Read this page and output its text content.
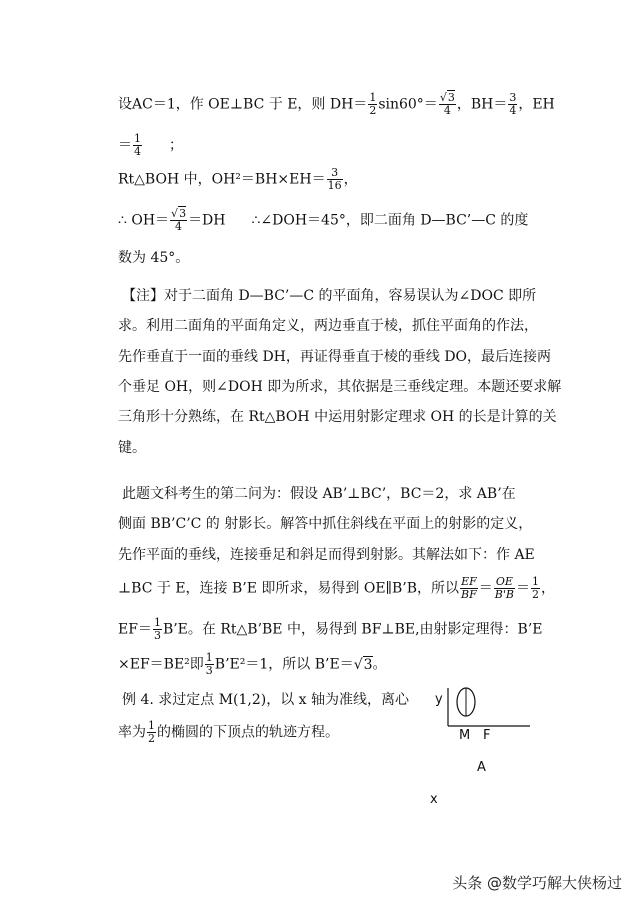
设AC＝1，作 OE⊥BC 于 E，则 $DH= \frac{1}{2} \sin 60^\circ= \frac{√3}{4}$ ，$BH= \frac{3}{4}$ ，EH
＝ $\frac{1}{4}$ ；
Rt△BOH 中，$OH^2=BH\times EH= \frac{3}{16}$ ，
∴ $OH= \frac{√3}{4} =DH$ ∴∠DOH＝45°，即二面角 D—BC’—C 的度
数为 45°。
【注】对于二面角 D—BC’—C 的平面角，容易误认为∠DOC 即所
求。利用二面角的平面角定义，两边垂直于棱，抓住平面角的作法，
先作垂直于一面的垂线 DH，再证得垂直于棱的垂线 DO，最后连接两
个垂足 OH，则∠DOH 即为所求，其依据是三垂线定理。本题还要求解
三角形十分熟练，在 Rt△BOH 中运用射影定理求 OH 的长是计算的关
键。
此题文科考生的第二问为：假设 AB’⊥BC’，BC＝2，求 AB’在
侧面 BB’C’C 的 射影长。解答中抓住斜线在平面上的射影的定义，
先作平面的垂线，连接垂足和斜足而得到射影。其解法如下：作 AE
⊥BC 于 E，连接 B’E 即所求，易得到 OE∥B’B，所以 $\frac{EF}{BF} = \frac{OE}{B'B} = \frac{1}{2}$ ，
$EF= \frac{1}{3}$ B’E。在 Rt△B’BE 中，易得到 BF⊥BE,由射影定理得：B’E
×EF＝BE²即 $\frac{1}{3}$ B’E²＝1，所以 B’E＝√3。
例 4. 求过定点 M(1,2)，以 x 轴为准线，离心
率为 $\frac{1}{2}$ 的椭圆的下顶点的轨迹方程。
y
M F
A
x
头条 @数学巧解大侠杨过
